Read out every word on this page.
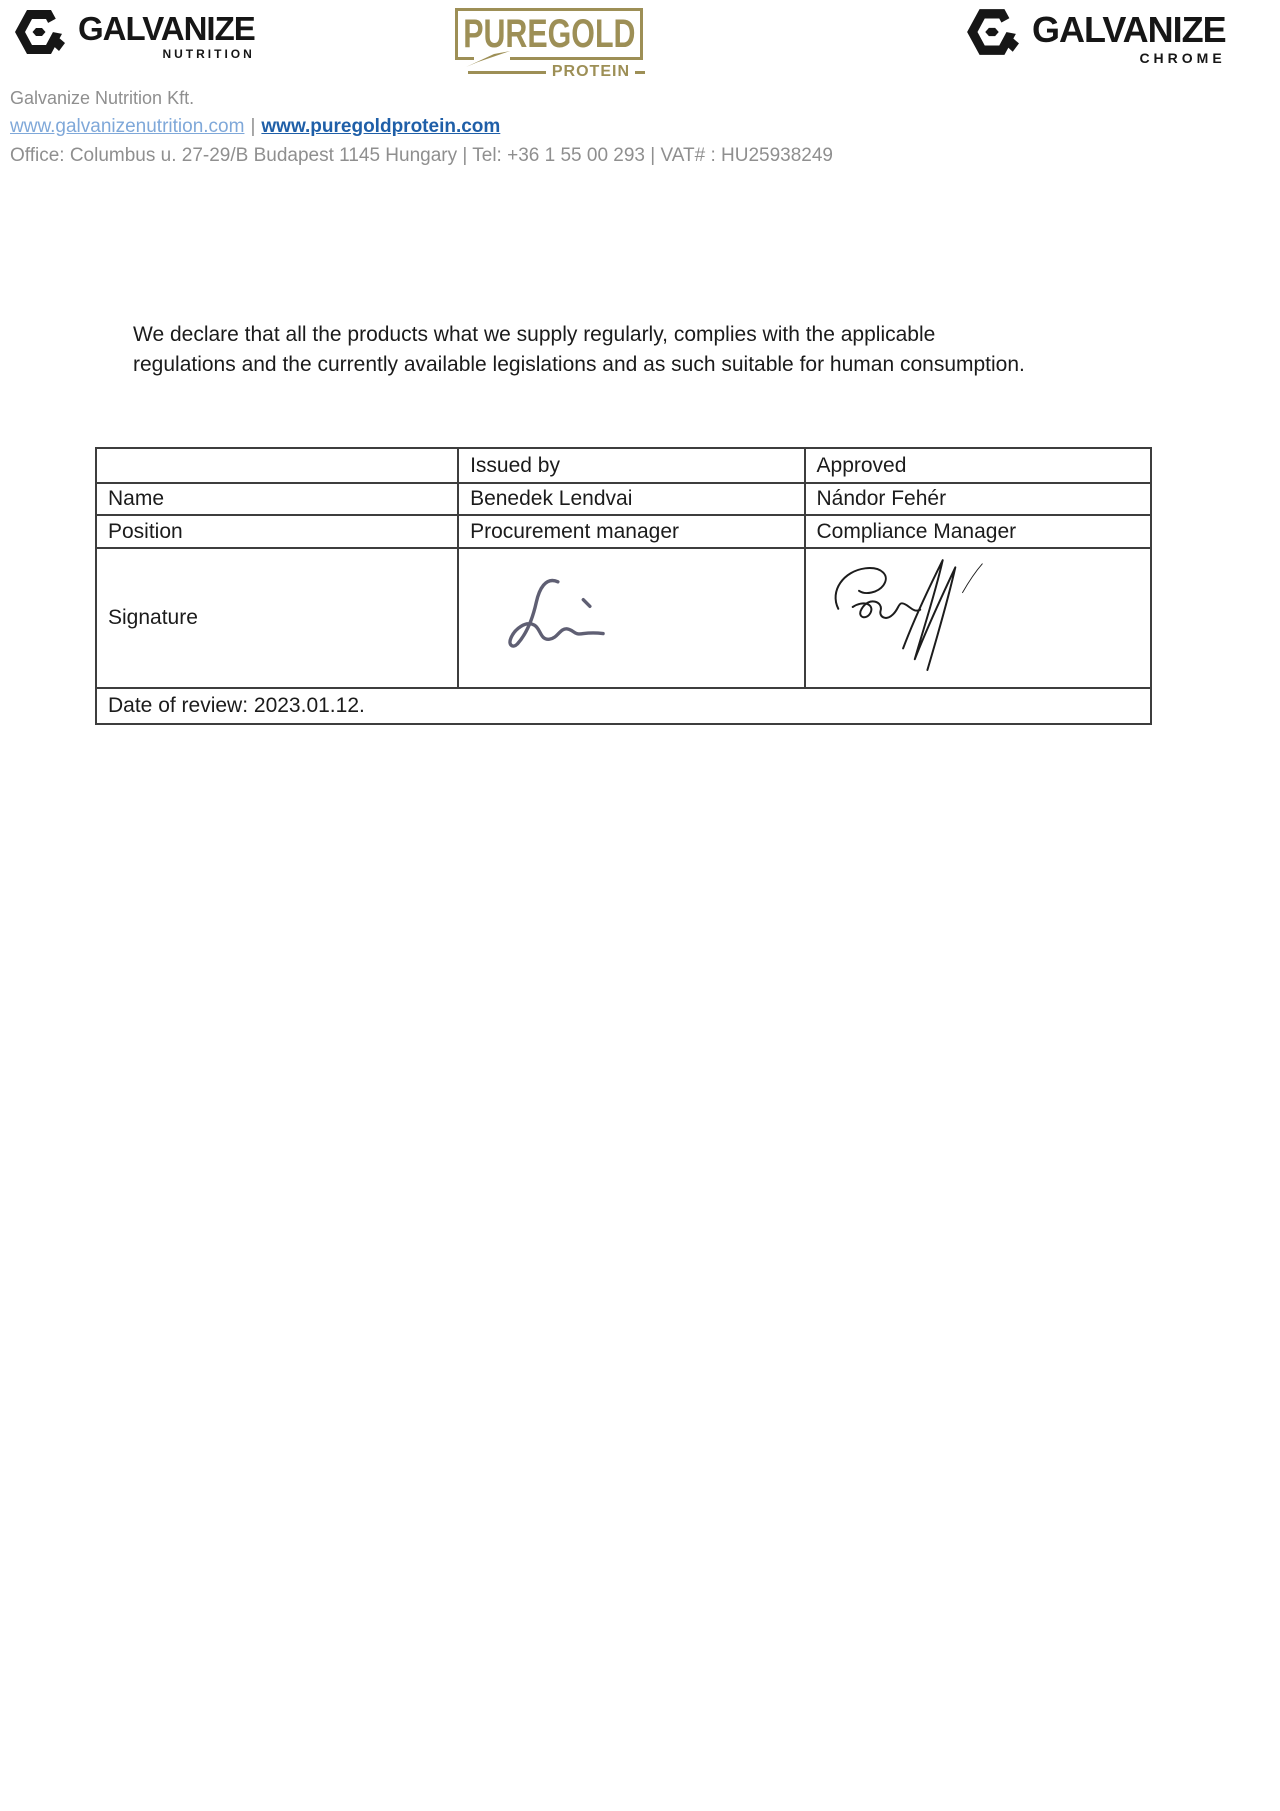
GALVANIZE
NUTRITION	PUREGOLD
PROTEIN
GALVANIZE
CHROME
Galvanize Nutrition Kft.
www.galvanizenutrition.com | www.puregoldprotein.com
Office: Columbus u. 27-29/B Budapest 1145 Hungary | Tel: +36 1 55 00 293 | VAT# : HU25938249

We declare that all the products what we supply regularly, complies with the applicable regulations and the currently available legislations and as such suitable for human consumption.

	Issued by	Approved
Name	Benedek Lendvai	Nándor Fehér
Position	Procurement manager	Compliance Manager
Signature		
Date of review: 2023.01.12.		
